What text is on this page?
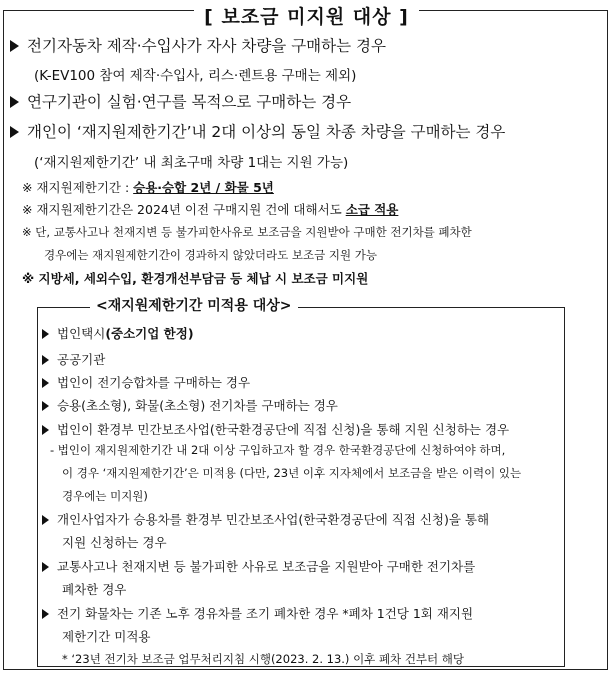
[ 보조금 미지원 대상 ]
전기자동차 제작·수입사가 자사 차량을 구매하는 경우
(K-EV100 참여 제작·수입사, 리스·렌트용 구매는 제외)
연구기관이 실험·연구를 목적으로 구매하는 경우
개인이 ‘재지원제한기간’내 2대 이상의 동일 차종 차량을 구매하는 경우
(‘재지원제한기간’ 내 최초구매 차량 1대는 지원 가능)
※ 재지원제한기간 : 승용·승합 2년 / 화물 5년
※ 재지원제한기간은 2024년 이전 구매지원 건에 대해서도 소급 적용
※ 단, 교통사고나 천재지변 등 불가피한사유로 보조금을 지원받아 구매한 전기차를 폐차한
경우에는 재지원제한기간이 경과하지 않았더라도 보조금 지원 가능
※ 지방세, 세외수입, 환경개선부담금 등 체납 시 보조금 미지원
<재지원제한기간 미적용 대상>
법인택시(중소기업 한정)
공공기관
법인이 전기승합차를 구매하는 경우
승용(초소형), 화물(초소형) 전기차를 구매하는 경우
법인이 환경부 민간보조사업(한국환경공단에 직접 신청)을 통해 지원 신청하는 경우
- 법인이 재지원제한기간 내 2대 이상 구입하고자 할 경우 한국환경공단에 신청하여야 하며,
이 경우 ‘재지원제한기간’은 미적용 (다만, 23년 이후 지자체에서 보조금을 받은 이력이 있는
경우에는 미지원)
개인사업자가 승용차를 환경부 민간보조사업(한국환경공단에 직접 신청)을 통해
지원 신청하는 경우
교통사고나 천재지변 등 불가피한 사유로 보조금을 지원받아 구매한 전기차를
폐차한 경우
전기 화물차는 기존 노후 경유차를 조기 폐차한 경우 *폐차 1건당 1회 재지원
제한기간 미적용
* ‘23년 전기차 보조금 업무처리지침 시행(2023. 2. 13.) 이후 폐차 건부터 해당
